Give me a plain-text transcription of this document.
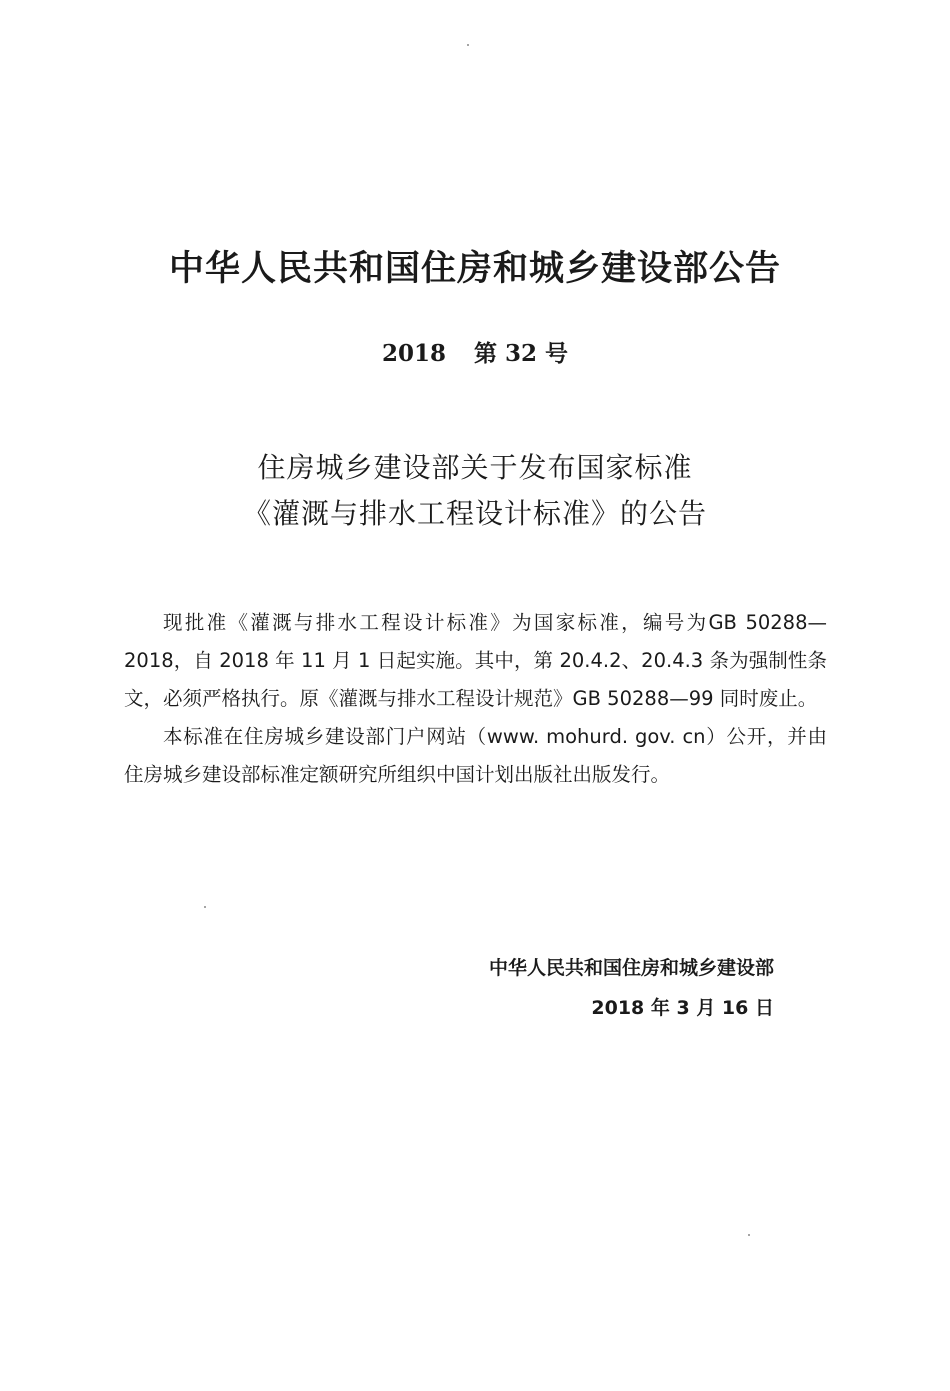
中华人民共和国住房和城乡建设部公告
2018 第 32 号
住房城乡建设部关于发布国家标准
《灌溉与排水工程设计标准》的公告

现批准《灌溉与排水工程设计标准》为国家标准，编号为GB 50288—2018，自 2018 年 11 月 1 日起实施。其中，第 20.4.2、20.4.3 条为强制性条文，必须严格执行。原《灌溉与排水工程设计规范》GB 50288—99 同时废止。

本标准在住房城乡建设部门户网站（www. mohurd. gov. cn）公开，并由住房城乡建设部标准定额研究所组织中国计划出版社出版发行。

中华人民共和国住房和城乡建设部
2018 年 3 月 16 日
